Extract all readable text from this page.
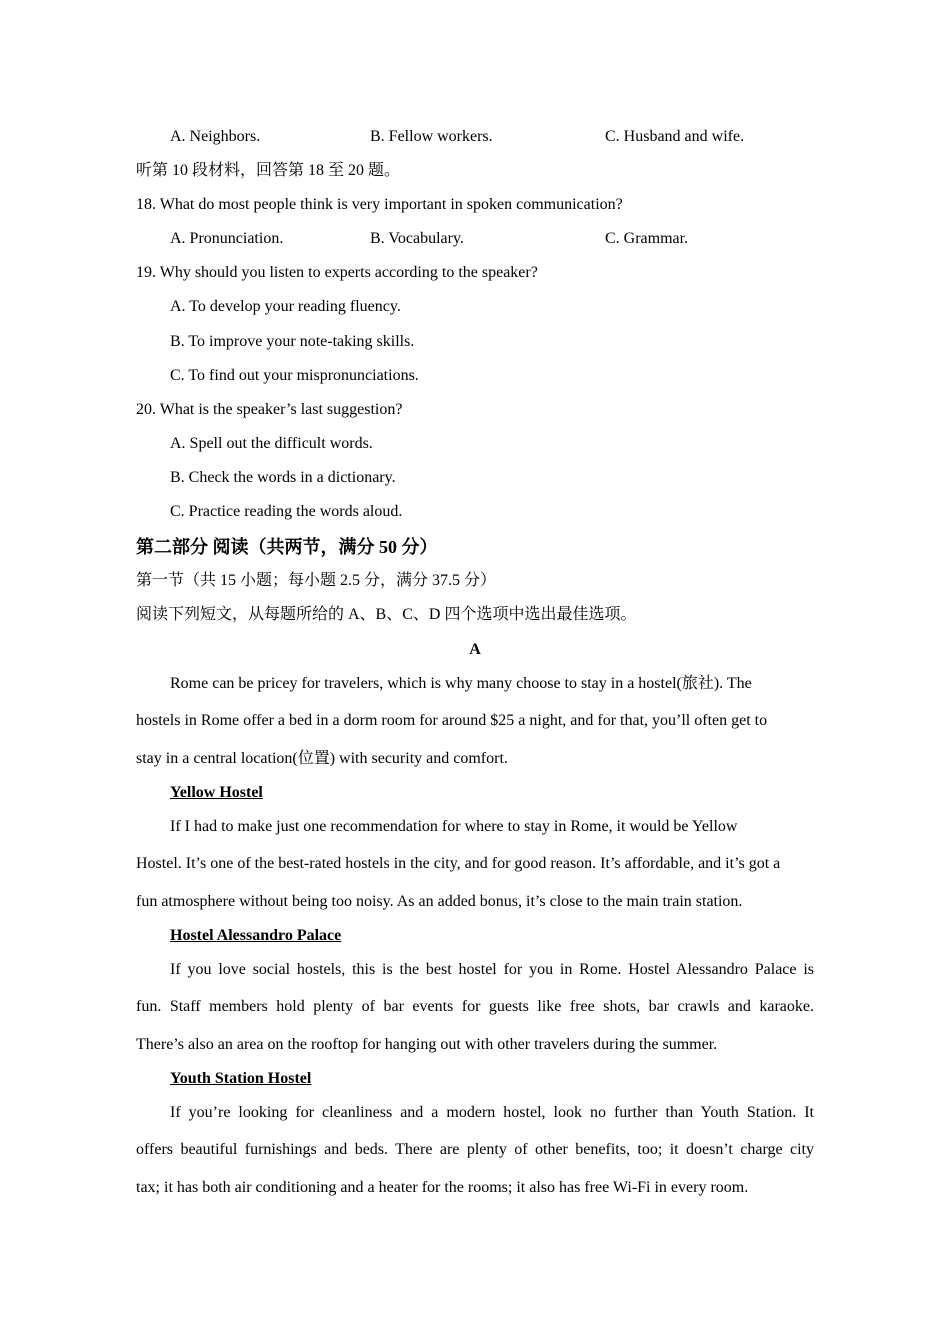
A. Neighbors.	B. Fellow workers.	C. Husband and wife.
听第 10 段材料，回答第 18 至 20 题。
18. What do most people think is very important in spoken communication?
A. Pronunciation.	B. Vocabulary.	C. Grammar.
19. Why should you listen to experts according to the speaker?
A. To develop your reading fluency.
B. To improve your note-taking skills.
C. To find out your mispronunciations.
20. What is the speaker’s last suggestion?
A. Spell out the difficult words.
B. Check the words in a dictionary.
C. Practice reading the words aloud.
第二部分 阅读（共两节，满分 50 分）
第一节（共 15 小题；每小题 2.5 分，满分 37.5 分）
阅读下列短文，从每题所给的 A、B、C、D 四个选项中选出最佳选项。
A
Rome can be pricey for travelers, which is why many choose to stay in a hostel(旅社). The
hostels in Rome offer a bed in a dorm room for around $25 a night, and for that, you’ll often get to
stay in a central location(位置) with security and comfort.
Yellow Hostel
If I had to make just one recommendation for where to stay in Rome, it would be Yellow
Hostel. It’s one of the best-rated hostels in the city, and for good reason. It’s affordable, and it’s got a
fun atmosphere without being too noisy. As an added bonus, it’s close to the main train station.
Hostel Alessandro Palace
If you love social hostels, this is the best hostel for you in Rome. Hostel Alessandro Palace is
fun. Staff members hold plenty of bar events for guests like free shots, bar crawls and karaoke.
There’s also an area on the rooftop for hanging out with other travelers during the summer.
Youth Station Hostel
If you’re looking for cleanliness and a modern hostel, look no further than Youth Station. It
offers beautiful furnishings and beds. There are plenty of other benefits, too; it doesn’t charge city
tax; it has both air conditioning and a heater for the rooms; it also has free Wi-Fi in every room.
